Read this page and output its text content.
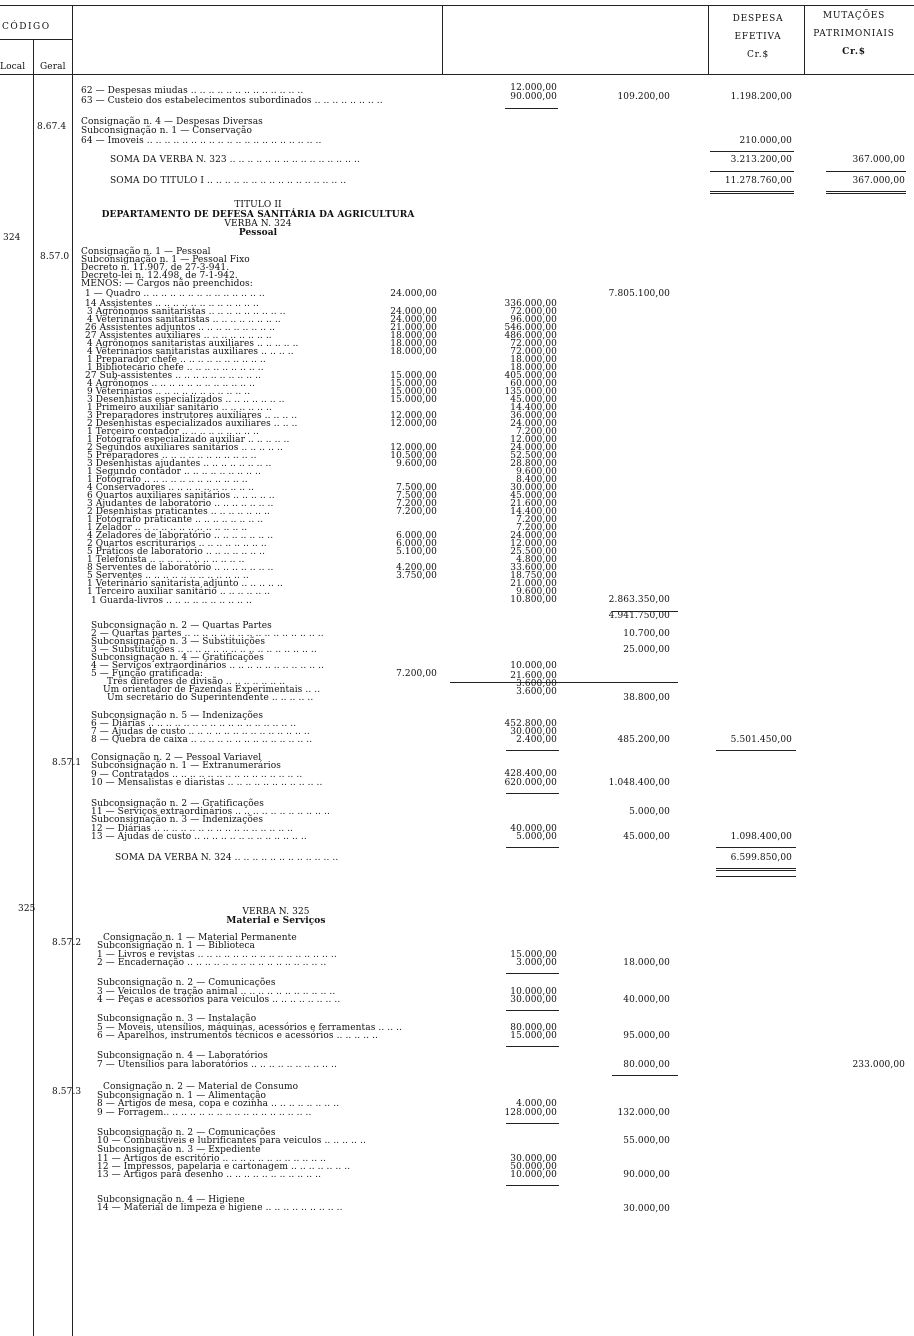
CÓDIGO
Local Geral
DESPESA
EFETIVA
Cr.$
MUTAÇÕES
PATRIMONIAIS
Cr.$
8.67.4
8.57.0
8.57.1
8.57.2
8.57.3
324
325
62 — Despesas miudas .. .. .. .. .. .. .. .. .. .. .. .. ..
63 — Custeio dos estabelecimentos subordinados .. .. .. .. .. .. .. ..
Consignação n. 4 — Despesas Diversas
Subconsignação n. 1 — Conservação
64 — Imoveis .. .. .. .. .. .. .. .. .. .. .. .. .. .. .. .. .. .. .. ..
SOMA DA VERBA N. 323 .. .. .. .. .. .. .. .. .. .. .. .. .. .. ..
SOMA DO TITULO I .. .. .. .. .. .. .. .. .. .. .. .. .. .. .. ..
Consignação n. 1 — Pessoal
Subconsignação n. 1 — Pessoal Fixo
Decreto n. 11.907, de 27-3-941.
Decreto-lei n. 12.498, de 7-1-942.
MENOS: — Cargos não preenchidos:
1 — Quadro .. .. .. .. .. .. .. .. .. .. .. .. .. ..
14 Assistentes .. .. .. .. .. .. .. .. .. .. .. ..
3 Agrônomos sanitaristas .. .. .. .. .. .. .. .. ..
4 Veterinários sanitaristas .. .. .. .. .. .. .. ..
26 Assistentes adjuntos .. .. .. .. .. .. .. .. ..
27 Assistentes auxiliares .. .. .. .. .. .. .. ..
4 Agrônomos sanitaristas auxiliares .. .. .. .. ..
4 Veterinários sanitaristas auxiliares .. .. .. ..
1 Preparador chefe .. .. .. .. .. .. .. .. .. ..
1 Bibliotecário chefe .. .. .. .. .. .. .. .. ..
27 Sub-assistentes .. .. .. .. .. .. .. .. .. ..
4 Agrônomos .. .. .. .. .. .. .. .. .. .. .. ..
9 Veterinários .. .. .. .. .. .. .. .. .. .. ..
3 Desenhistas especializados .. .. .. .. .. .. ..
1 Primeiro auxiliar sanitário .. .. .. .. .. ..
3 Preparadores instrutores auxiliares .. .. .. ..
2 Desenhistas especializados auxiliares .. .. ..
1 Terceiro contador .. .. .. .. .. .. .. .. ..
1 Fotógrafo especializado auxiliar .. .. .. .. ..
2 Segundos auxiliares sanitários .. .. .. .. ..
5 Preparadores .. .. .. .. .. .. .. .. .. .. ..
3 Desenhistas ajudantes .. .. .. .. .. .. .. ..
1 Segundo contador .. .. .. .. .. .. .. .. ..
1 Fotógrafo .. .. .. .. .. .. .. .. .. .. .. ..
4 Conservadores .. .. .. .. .. .. .. .. .. ..
6 Quartos auxiliares sanitários .. .. .. .. ..
3 Ajudantes de laboratório .. .. .. .. .. .. ..
2 Desenhistas praticantes .. .. .. .. .. .. ..
1 Fotógrafo praticante .. .. .. .. .. .. .. ..
1 Zelador .. .. .. .. .. .. .. .. .. .. .. .. ..
4 Zeladores de laboratório .. .. .. .. .. .. ..
2 Quartos escriturários .. .. .. .. .. .. .. ..
5 Práticos de laboratório .. .. .. .. .. .. ..
1 Telefonista .. .. .. .. .. .. .. .. .. .. ..
8 Serventes de laboratório .. .. .. .. .. .. ..
5 Serventes .. .. .. .. .. .. .. .. .. .. .. ..
1 Veterinário sanitarista adjunto .. .. .. .. ..
1 Terceiro auxiliar sanitário .. .. .. .. .. ..
1 Guarda-livros .. .. .. .. .. .. .. .. .. ..
Subconsignação n. 2 — Quartas Partes
2 — Quartas partes .. .. .. .. .. .. .. .. .. .. .. .. .. .. .. ..
Subconsignação n. 3 — Substituições
3 — Substituições .. .. .. .. .. .. .. .. .. .. .. .. .. .. .. ..
Subconsignação n. 4 — Gratificações
4 — Serviços extraordinários .. .. .. .. .. .. .. .. .. .. ..
5 — Função gratificada:
Três diretores de divisão .. .. .. .. .. .. ..
Um orientador de Fazendas Experimentais .. ..
Um secretário do Superintendente .. .. .. .. ..
Subconsignação n. 5 — Indenizações
6 — Diárias .. .. .. .. .. .. .. .. .. .. .. .. .. .. .. .. ..
7 — Ajudas de custo .. .. .. .. .. .. .. .. .. .. .. .. .. ..
8 — Quebra de caixa .. .. .. .. .. .. .. .. .. .. .. .. .. ..
Consignação n. 2 — Pessoal Variavel
Subconsignação n. 1 — Extranumerários
9 — Contratados .. .. .. .. .. .. .. .. .. .. .. .. .. .. ..
10 — Mensalistas e diaristas .. .. .. .. .. .. .. .. .. .. ..
Subconsignação n. 2 — Gratificações
11 — Serviços extraordinários .. .. .. .. .. .. .. .. .. .. ..
Subconsignação n. 3 — Indenizações
12 — Diárias .. .. .. .. .. .. .. .. .. .. .. .. .. .. .. ..
13 — Ajudas de custo .. .. .. .. .. .. .. .. .. .. .. .. ..
SOMA DA VERBA N. 324 .. .. .. .. .. .. .. .. .. .. .. ..
Consignação n. 1 — Material Permanente
Subconsignação n. 1 — Biblioteca
1 — Livros e revistas .. .. .. .. .. .. .. .. .. .. .. .. .. .. .. ..
2 — Encadernação .. .. .. .. .. .. .. .. .. .. .. .. .. .. .. ..
Subconsignação n. 2 — Comunicações
3 — Veiculos de tração animal .. .. .. .. .. .. .. .. .. .. ..
4 — Peças e acessórios para veiculos .. .. .. .. .. .. .. ..
Subconsignação n. 3 — Instalação
5 — Moveis, utensílios, máquinas, acessórios e ferramentas .. .. ..
6 — Aparelhos, instrumentos técnicos e acessórios .. .. .. .. ..
Subconsignação n. 4 — Laboratórios
7 — Utensílios para laboratórios .. .. .. .. .. .. .. .. .. ..
Consignação n. 2 — Material de Consumo
Subconsignação n. 1 — Alimentação
8 — Artigos de mesa, copa e cozinha .. .. .. .. .. .. .. ..
9 — Forragem.. .. .. .. .. .. .. .. .. .. .. .. .. .. .. .. ..
Subconsignação n. 2 — Comunicações
10 — Combustíveis e lubrificantes para veiculos .. .. .. .. ..
Subconsignação n. 3 — Expediente
11 — Artigos de escritório .. .. .. .. .. .. .. .. .. .. .. ..
12 — Impressos, papelaria e cartonagem .. .. .. .. .. .. ..
13 — Artigos para desenho .. .. .. .. .. .. .. .. .. .. ..
Subconsignação n. 4 — Higiene
14 — Material de limpeza e higiene .. .. .. .. .. .. .. .. ..
TITULO II
DEPARTAMENTO DE DEFESA SANITÁRIA DA AGRICULTURA
VERBA N. 324
Pessoal
VERBA N. 325
Material e Serviços
24.000,00
24.000,00
24.000,00
21.000,00
18.000,00
18.000,00
18.000,00
15.000,00
15.000,00
15.000,00
15.000,00
12.000,00
12.000,00
12.000,00
10.500,00
9.600,00
7.500,00
7.500,00
7.200,00
7.200,00
6.000,00
6.000,00
5.100,00
4.200,00
3.750,00
7.200,00
12.000,00
90.000,00
336.000,00
72.000,00
96.000,00
546.000,00
486.000,00
72.000,00
72.000,00
18.000,00
18.000,00
405.000,00
60.000,00
135.000,00
45.000,00
14.400,00
36.000,00
24.000,00
7.200,00
12.000,00
24.000,00
52.500,00
28.800,00
9.600,00
8.400,00
30.000,00
45.000,00
21.600,00
14.400,00
7.200,00
7.200,00
24.000,00
12.000,00
25.500,00
4.800,00
33.600,00
18.750,00
21.000,00
9.600,00
10.800,00
10.000,00
21.600,00
3.600,00
3.600,00
452.800,00
30.000,00
2.400,00
428.400,00
620.000,00
40.000,00
5.000,00
15.000,00
3.000,00
10.000,00
30.000,00
80.000,00
15.000,00
4.000,00
128.000,00
30.000,00
50.000,00
10.000,00
109.200,00
7.805.100,00
2.863.350,00
4.941.750,00
10.700,00
25.000,00
38.800,00
485.200,00
1.048.400,00
5.000,00
45.000,00
18.000,00
40.000,00
95.000,00
80.000,00
132.000,00
55.000,00
90.000,00
30.000,00
1.198.200,00
210.000,00
3.213.200,00
11.278.760,00
5.501.450,00
1.098.400,00
6.599.850,00
367.000,00
367.000,00
233.000,00
